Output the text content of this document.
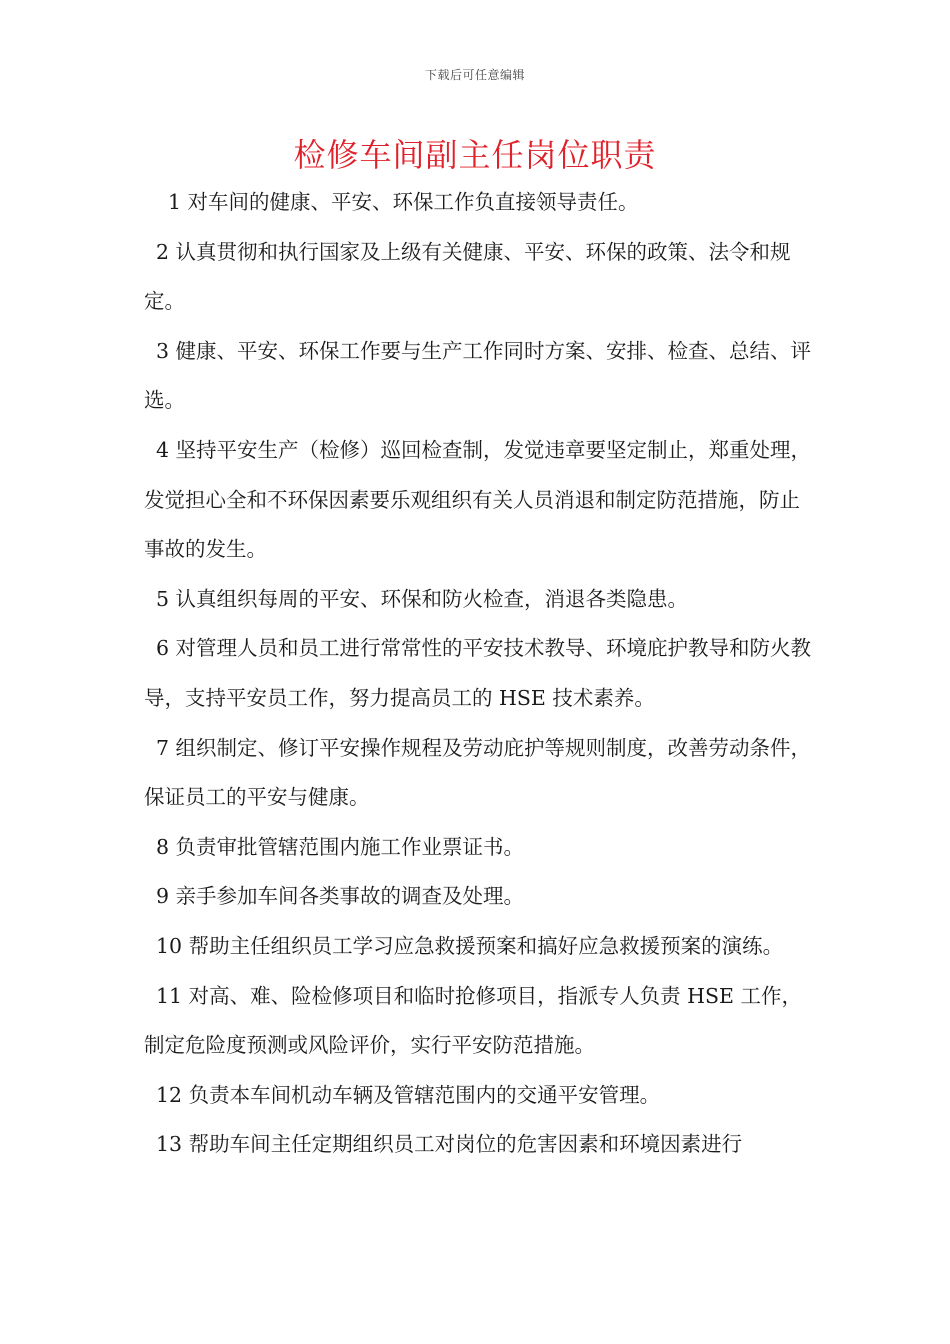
下载后可任意编辑
检修车间副主任岗位职责

1 对车间的健康、平安、环保工作负直接领导责任。

2 认真贯彻和执行国家及上级有关健康、平安、环保的政策、法令和规定。

3 健康、平安、环保工作要与生产工作同时方案、安排、检查、总结、评选。

4 坚持平安生产（检修）巡回检查制，发觉违章要坚定制止，郑重处理，发觉担心全和不环保因素要乐观组织有关人员消退和制定防范措施，防止事故的发生。

5 认真组织每周的平安、环保和防火检查，消退各类隐患。

6 对管理人员和员工进行常常性的平安技术教导、环境庇护教导和防火教导，支持平安员工作，努力提高员工的 HSE 技术素养。

7 组织制定、修订平安操作规程及劳动庇护等规则制度，改善劳动条件，保证员工的平安与健康。

8 负责审批管辖范围内施工作业票证书。

9 亲手参加车间各类事故的调查及处理。

10 帮助主任组织员工学习应急救援预案和搞好应急救援预案的演练。

11 对高、难、险检修项目和临时抢修项目，指派专人负责 HSE 工作，制定危险度预测或风险评价，实行平安防范措施。

12 负责本车间机动车辆及管辖范围内的交通平安管理。

13 帮助车间主任定期组织员工对岗位的危害因素和环境因素进行
